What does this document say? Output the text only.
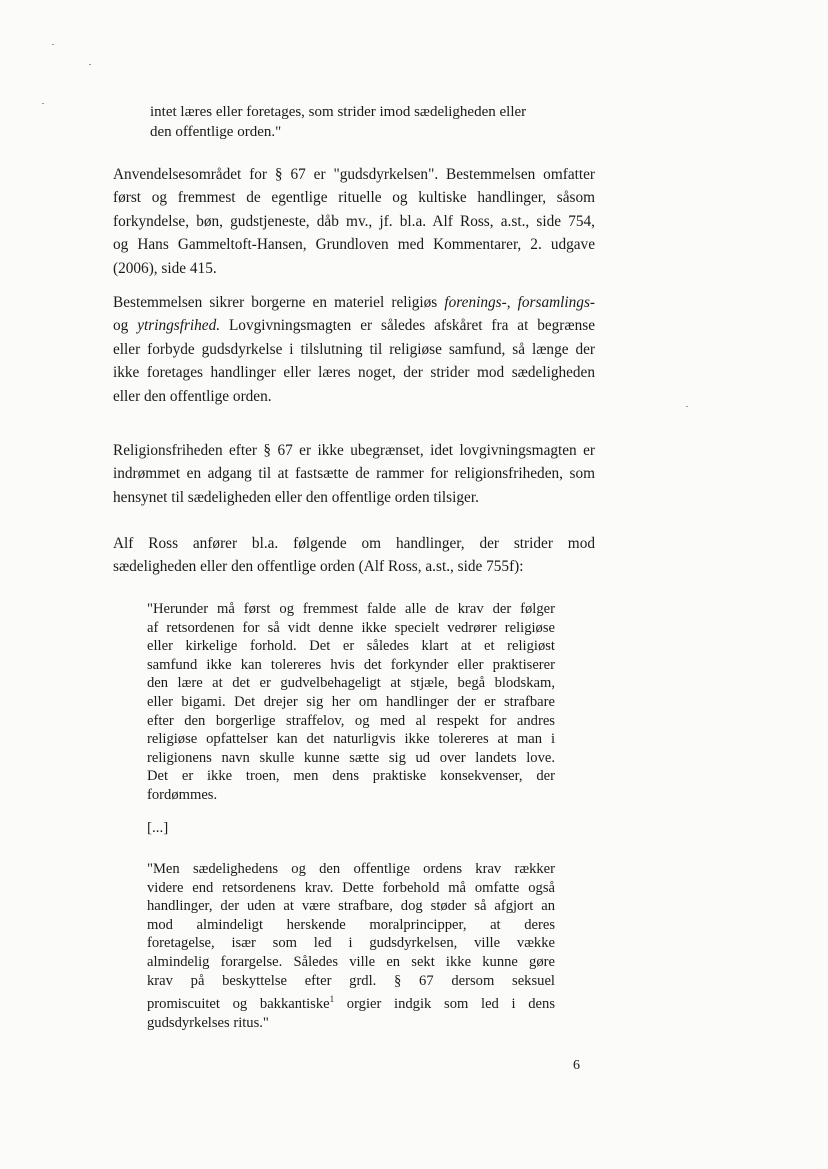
intet læres eller foretages, som strider imod sædeligheden eller
den offentlige orden."
Anvendelsesområdet for § 67 er "gudsdyrkelsen". Bestemmelsen omfatter
først og fremmest de egentlige rituelle og kultiske handlinger, såsom
forkyndelse, bøn, gudstjeneste, dåb mv., jf. bl.a. Alf Ross, a.st., side 754,
og Hans Gammeltoft-Hansen, Grundloven med Kommentarer, 2. udgave
(2006), side 415.
Bestemmelsen sikrer borgerne en materiel religiøs forenings-, forsamlings-
og ytringsfrihed. Lovgivningsmagten er således afskåret fra at begrænse
eller forbyde gudsdyrkelse i tilslutning til religiøse samfund, så længe der
ikke foretages handlinger eller læres noget, der strider mod sædeligheden
eller den offentlige orden.
Religionsfriheden efter § 67 er ikke ubegrænset, idet lovgivningsmagten er
indrømmet en adgang til at fastsætte de rammer for religionsfriheden, som
hensynet til sædeligheden eller den offentlige orden tilsiger.
Alf Ross anfører bl.a. følgende om handlinger, der strider mod
sædeligheden eller den offentlige orden (Alf Ross, a.st., side 755f):
"Herunder må først og fremmest falde alle de krav der følger
af retsordenen for så vidt denne ikke specielt vedrører religiøse
eller kirkelige forhold. Det er således klart at et religiøst
samfund ikke kan tolereres hvis det forkynder eller praktiserer
den lære at det er gudvelbehageligt at stjæle, begå blodskam,
eller bigami. Det drejer sig her om handlinger der er strafbare
efter den borgerlige straffelov, og med al respekt for andres
religiøse opfattelser kan det naturligvis ikke tolereres at man i
religionens navn skulle kunne sætte sig ud over landets love.
Det er ikke troen, men dens praktiske konsekvenser, der
fordømmes.
[...]
"Men sædelighedens og den offentlige ordens krav rækker
videre end retsordenens krav. Dette forbehold må omfatte også
handlinger, der uden at være strafbare, dog støder så afgjort an
mod almindeligt herskende moralprincipper, at deres
foretagelse, især som led i gudsdyrkelsen, ville vække
almindelig forargelse. Således ville en sekt ikke kunne gøre
krav på beskyttelse efter grdl. § 67 dersom seksuel
promiscuitet og bakkantiske$^1$ orgier indgik som led i dens
gudsdyrkelses ritus."
6
